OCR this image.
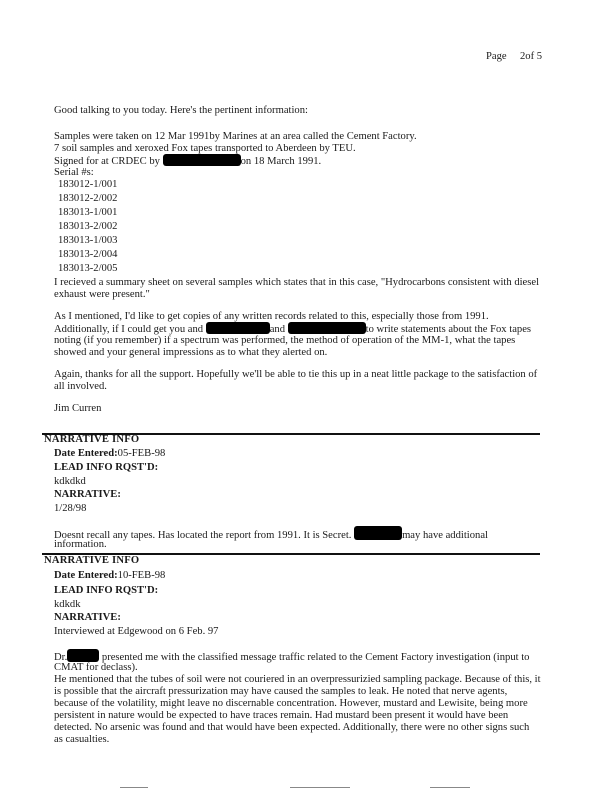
Page 2of 5
Good talking to you today. Here's the pertinent information:
Samples were taken on 12 Mar 1991by Marines at an area called the Cement Factory.
7 soil samples and xeroxed Fox tapes transported to Aberdeen by TEU.
Signed for at CRDEC by	on 18 March 1991.
Serial #s:
183012-1/001
183012-2/002
183013-1/001
183013-2/002
183013-1/003
183013-2/004
183013-2/005
I recieved a summary sheet on several samples which states that in this case, "Hydrocarbons consistent with diesel
exhaust were present."
As I mentioned, I'd like to get copies of any written records related to this, especially those from 1991.
Additionally, if I could get you and	and	to write statements about the Fox tapes
noting (if you remember) if a spectrum was performed, the method of operation of the MM-1, what the tapes
showed and your general impressions as to what they alerted on.
Again, thanks for all the support. Hopefully we'll be able to tie this up in a neat little package to the satisfaction of
all involved.
Jim Curren
NARRATIVE INFO
Date Entered:05-FEB-98
LEAD INFO RQST'D:
kdkdkd
NARRATIVE:
1/28/98
Doesnt recall any tapes. Has located the report from 1991. It is Secret.	may have additional
information.
NARRATIVE INFO
Date Entered:10-FEB-98
LEAD INFO RQST'D:
kdkdk
NARRATIVE:
Interviewed at Edgewood on 6 Feb. 97
Dr.	presented me with the classified message traffic related to the Cement Factory investigation (input to
CMAT for declass).
He mentioned that the tubes of soil were not couriered in an overpressurizied sampling package. Because of this, it
is possible that the aircraft pressurization may have caused the samples to leak. He noted that nerve agents,
because of the volatility, might leave no discernable concentration. However, mustard and Lewisite, being more
persistent in nature would be expected to have traces remain. Had mustard been present it would have been
detected. No arsenic was found and that would have been expected. Additionally, there were no other signs such
as casualties.
